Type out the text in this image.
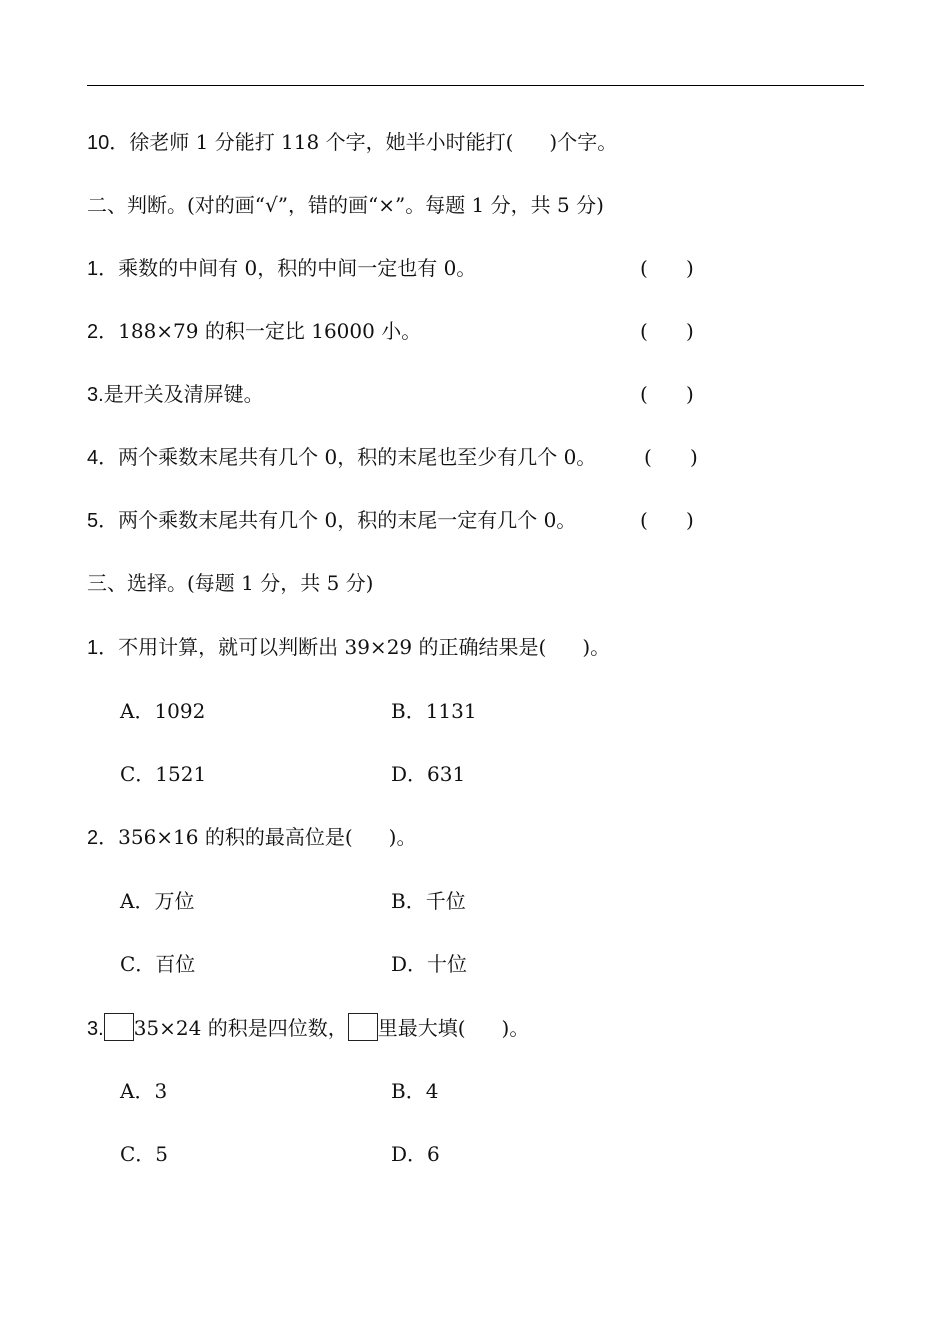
10．徐老师 1 分能打 118 个字，她半小时能打( )个字。
二、判断。(对的画“√”，错的画“×”。每题 1 分，共 5 分)
1．乘数的中间有 0，积的中间一定也有 0。	(      )
2．188×79 的积一定比 16000 小。	(      )
3.是开关及清屏键。	(      )
4．两个乘数末尾共有几个 0，积的末尾也至少有几个 0。 (      )
5．两个乘数末尾共有几个 0，积的末尾一定有几个 0。	(      )
三、选择。(每题 1 分，共 5 分)
1．不用计算，就可以判断出 39×29 的正确结果是( )。
A．1092	B．1131
C．1521	D．631
2．356×16 的积的最高位是( )。
A．万位	B．千位
C．百位	D．十位
3. 35×24 的积是四位数， 里最大填( )。
A．3	B．4
C．5	D．6
